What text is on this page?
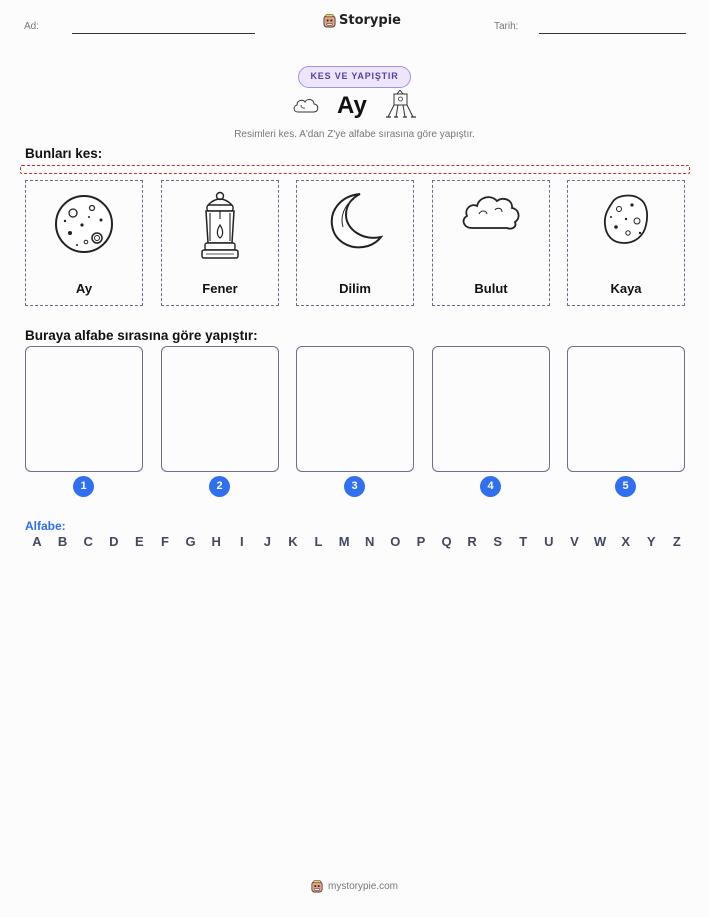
Ad:	Storypie	Tarih:
KES VE YAPIŞTIR
Ay
Resimleri kes. A'dan Z'ye alfabe sırasına göre yapıştır.
Bunları kes:
Ay	Fener	Dilim	Bulut	Kaya
Buraya alfabe sırasına göre yapıştır:
1	2	3	4	5
Alfabe:
A	B	C	D	E	F	G	H	I	J	K	L	M	N	O	P	Q	R	S	T	U	V	W	X	Y	Z
mystorypie.com
